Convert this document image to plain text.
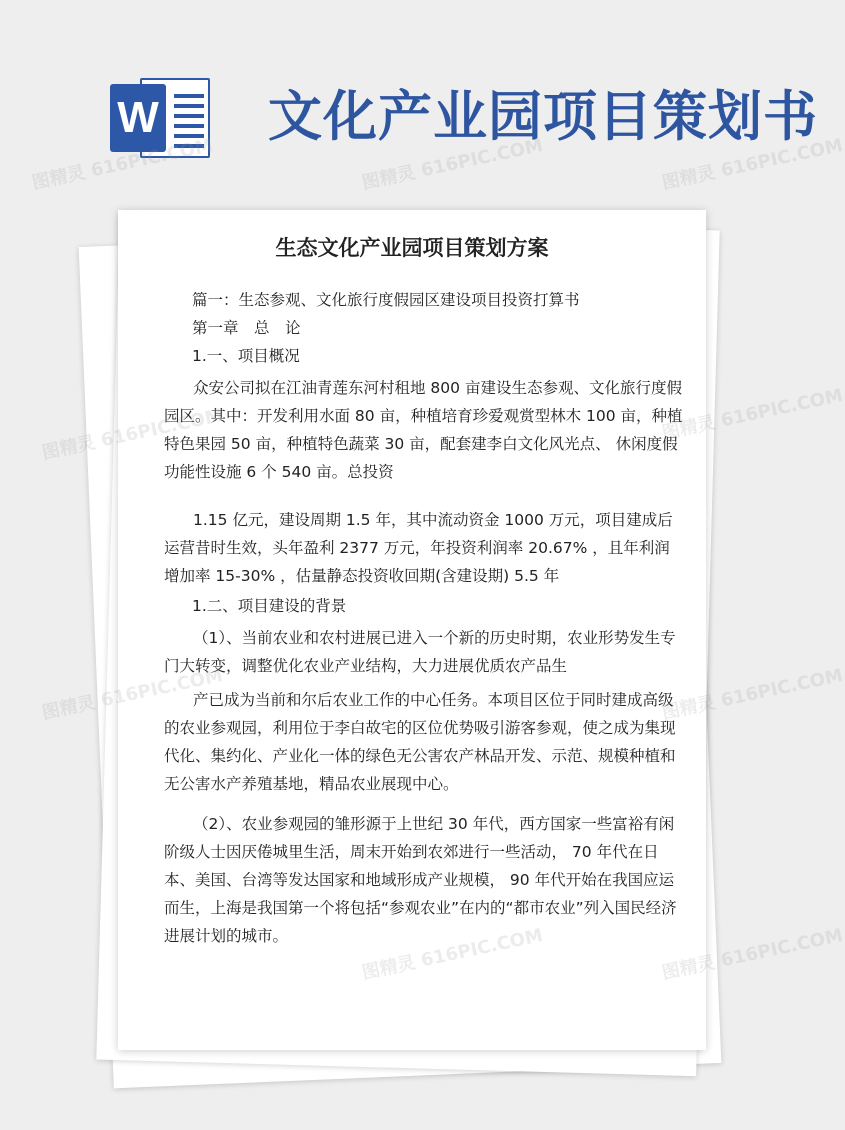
W 文化产业园项目策划书
图精灵 616PIC.COM	图精灵 616PIC.COM	图精灵 616PIC.COM
生态文化产业园项目策划方案

篇一：生态参观、文化旅行度假园区建设项目投资打算书

第一章　总　论

1.一、项目概况

众安公司拟在江油青莲东河村租地 800 亩建设生态参观、文化旅行度假园区。其中：开发利用水面 80 亩，种植培育珍爱观赏型林木 100 亩，种植特色果园 50 亩，种植特色蔬菜 30 亩，配套建李白文化风光点、 休闲度假功能性设施 6 个 540 亩。总投资

1.15 亿元，建设周期 1.5 年，其中流动资金 1000 万元，项目建成后运营昔时生效，头年盈利 2377 万元，年投资利润率 20.67% ，且年利润增加率 15-30% ，估量静态投资收回期(含建设期) 5.5 年

1.二、项目建设的背景

（1）、当前农业和农村进展已进入一个新的历史时期，农业形势发生专门大转变，调整优化农业产业结构，大力进展优质农产品生

产已成为当前和尔后农业工作的中心任务。本项目区位于同时建成高级的农业参观园，利用位于李白故宅的区位优势吸引游客参观，使之成为集现代化、集约化、产业化一体的绿色无公害农产林品开发、示范、规模种植和无公害水产养殖基地，精品农业展现中心。

（2）、农业参观园的雏形源于上世纪 30 年代，西方国家一些富裕有闲阶级人士因厌倦城里生活，周末开始到农郊进行一些活动， 70 年代在日本、美国、台湾等发达国家和地域形成产业规模， 90 年代开始在我国应运而生，上海是我国第一个将包括“参观农业”在内的“都市农业”列入国民经济进展计划的城市。

图精灵
图精灵 616PIC.COM
图精灵	图精灵 616PIC.COM
图精灵 616PIC.COM
